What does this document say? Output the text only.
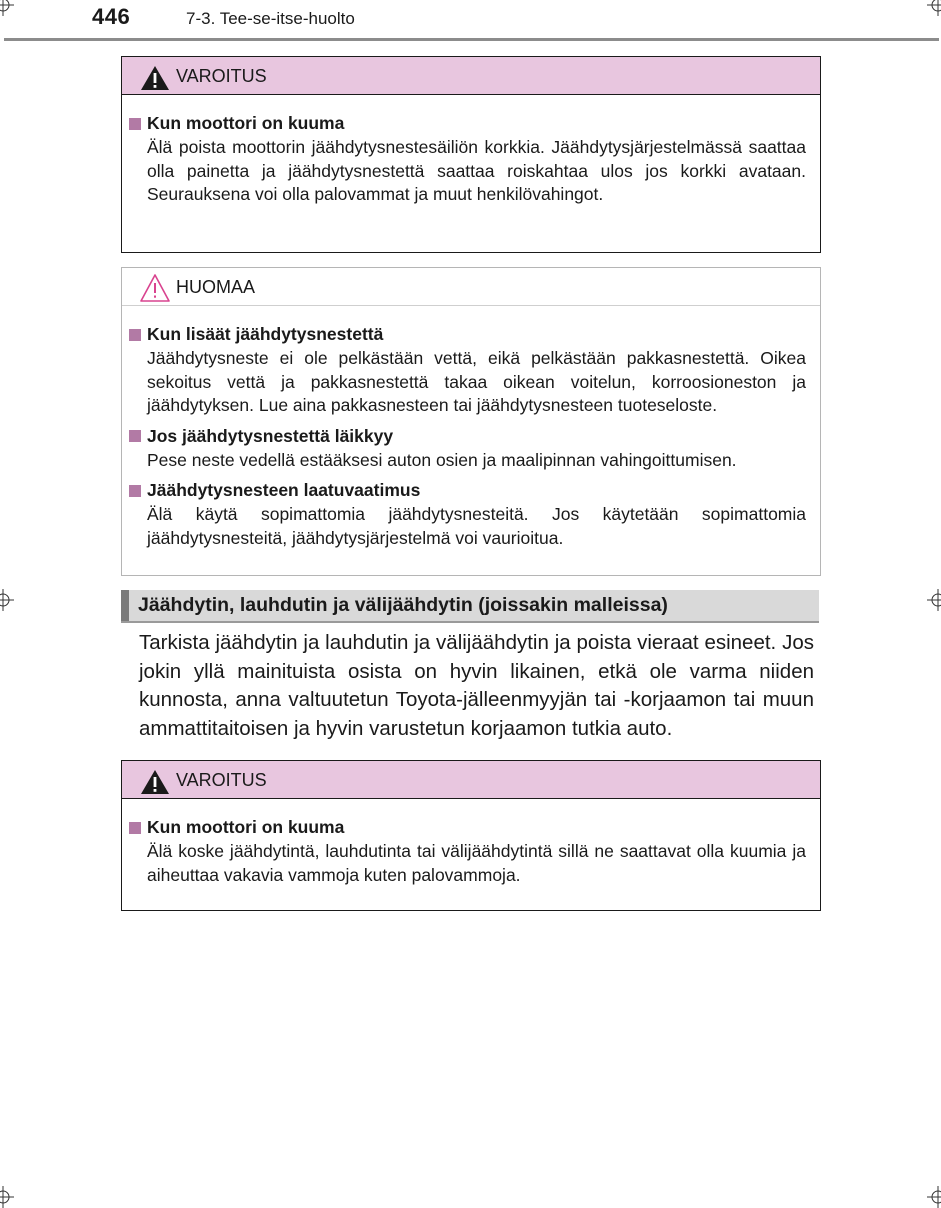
446	7-3. Tee-se-itse-huolto
VAROITUS
Kun moottori on kuuma
Älä poista moottorin jäähdytysnestesäiliön korkkia. Jäähdytysjärjestelmässä saattaa olla painetta ja jäähdytysnestettä saattaa roiskahtaa ulos jos korkki avataan. Seurauksena voi olla palovammat ja muut henkilövahingot.
HUOMAA
Kun lisäät jäähdytysnestettä
Jäähdytysneste ei ole pelkästään vettä, eikä pelkästään pakkasnestettä. Oikea sekoitus vettä ja pakkasnestettä takaa oikean voitelun, korroosioneston ja jäähdytyksen. Lue aina pakkasnesteen tai jäähdytysnesteen tuoteseloste.
Jos jäähdytysnestettä läikkyy
Pese neste vedellä estääksesi auton osien ja maalipinnan vahingoittumisen.
Jäähdytysnesteen laatuvaatimus
Älä käytä sopimattomia jäähdytysnesteitä. Jos käytetään sopimattomia jäähdytysnesteitä, jäähdytysjärjestelmä voi vaurioitua.
Jäähdytin, lauhdutin ja välijäähdytin (joissakin malleissa)
Tarkista jäähdytin ja lauhdutin ja välijäähdytin ja poista vieraat esineet. Jos jokin yllä mainituista osista on hyvin likainen, etkä ole varma niiden kunnosta, anna valtuutetun Toyota-jälleenmyyjän tai -korjaamon tai muun ammattitaitoisen ja hyvin varustetun korjaamon tutkia auto.
VAROITUS
Kun moottori on kuuma
Älä koske jäähdytintä, lauhdutinta tai välijäähdytintä sillä ne saattavat olla kuumia ja aiheuttaa vakavia vammoja kuten palovammoja.
